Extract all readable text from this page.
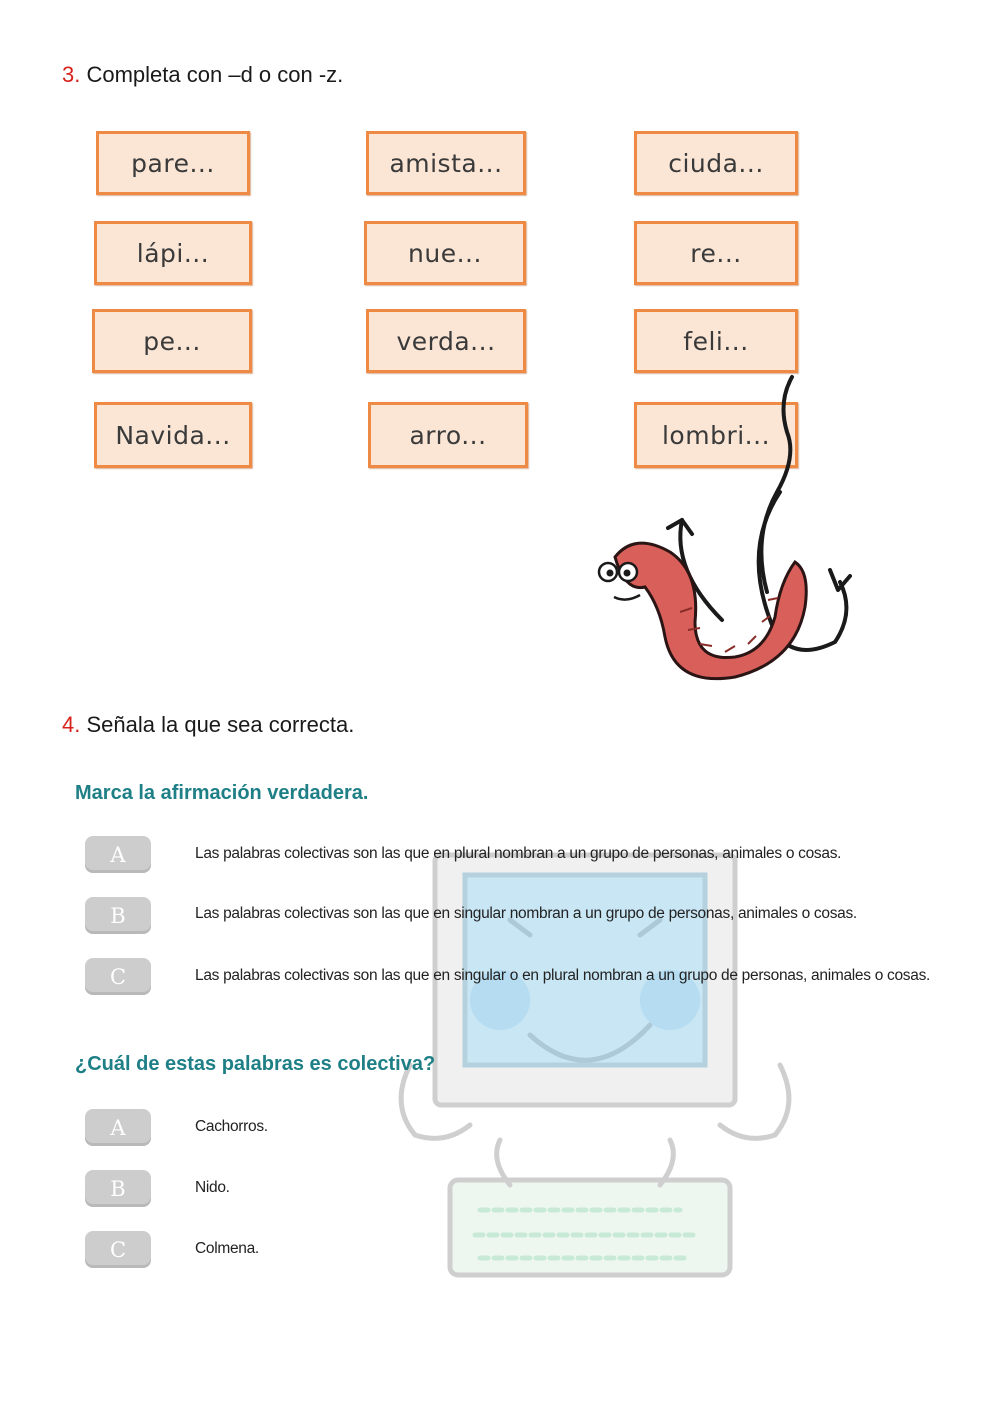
3. Completa con –d o con -z.
pare...	amista...	ciuda...
lápi...	nue...	re...
pe...	verda...	feli...
Navida...	arro...	lombri...
4. Señala la que sea correcta.
Marca la afirmación verdadera.
A	Las palabras colectivas son las que en plural nombran a un grupo de personas, animales o cosas.
B	Las palabras colectivas son las que en singular nombran a un grupo de personas, animales o cosas.
C	Las palabras colectivas son las que en singular o en plural nombran a un grupo de personas, animales o cosas.
¿Cuál de estas palabras es colectiva?
A	Cachorros.
B	Nido.
C	Colmena.
